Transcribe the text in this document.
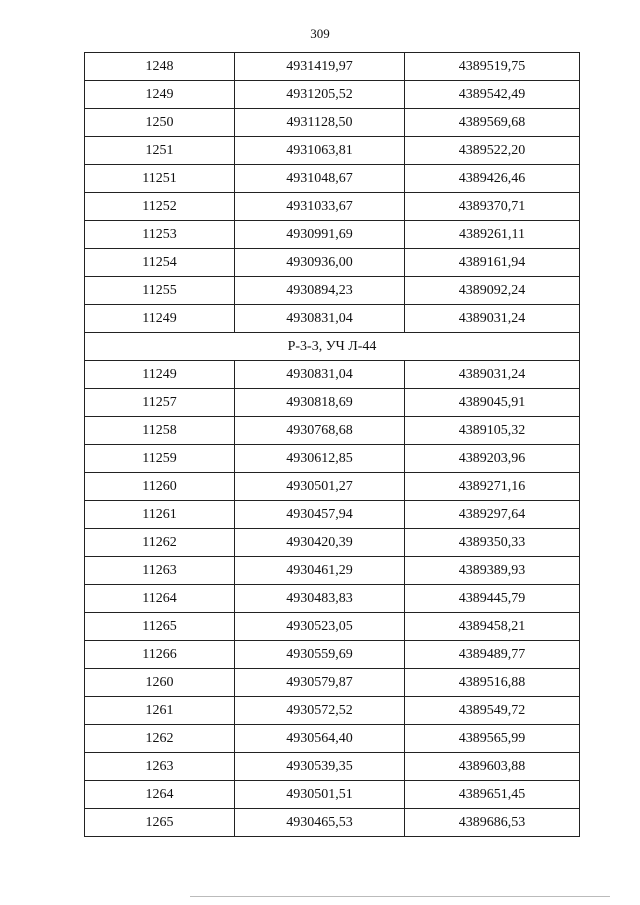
309
1248	4931419,97	4389519,75
1249	4931205,52	4389542,49
1250	4931128,50	4389569,68
1251	4931063,81	4389522,20
11251	4931048,67	4389426,46
11252	4931033,67	4389370,71
11253	4930991,69	4389261,11
11254	4930936,00	4389161,94
11255	4930894,23	4389092,24
11249	4930831,04	4389031,24
Р-3-3, УЧ Л-44		
11249	4930831,04	4389031,24
11257	4930818,69	4389045,91
11258	4930768,68	4389105,32
11259	4930612,85	4389203,96
11260	4930501,27	4389271,16
11261	4930457,94	4389297,64
11262	4930420,39	4389350,33
11263	4930461,29	4389389,93
11264	4930483,83	4389445,79
11265	4930523,05	4389458,21
11266	4930559,69	4389489,77
1260	4930579,87	4389516,88
1261	4930572,52	4389549,72
1262	4930564,40	4389565,99
1263	4930539,35	4389603,88
1264	4930501,51	4389651,45
1265	4930465,53	4389686,53
